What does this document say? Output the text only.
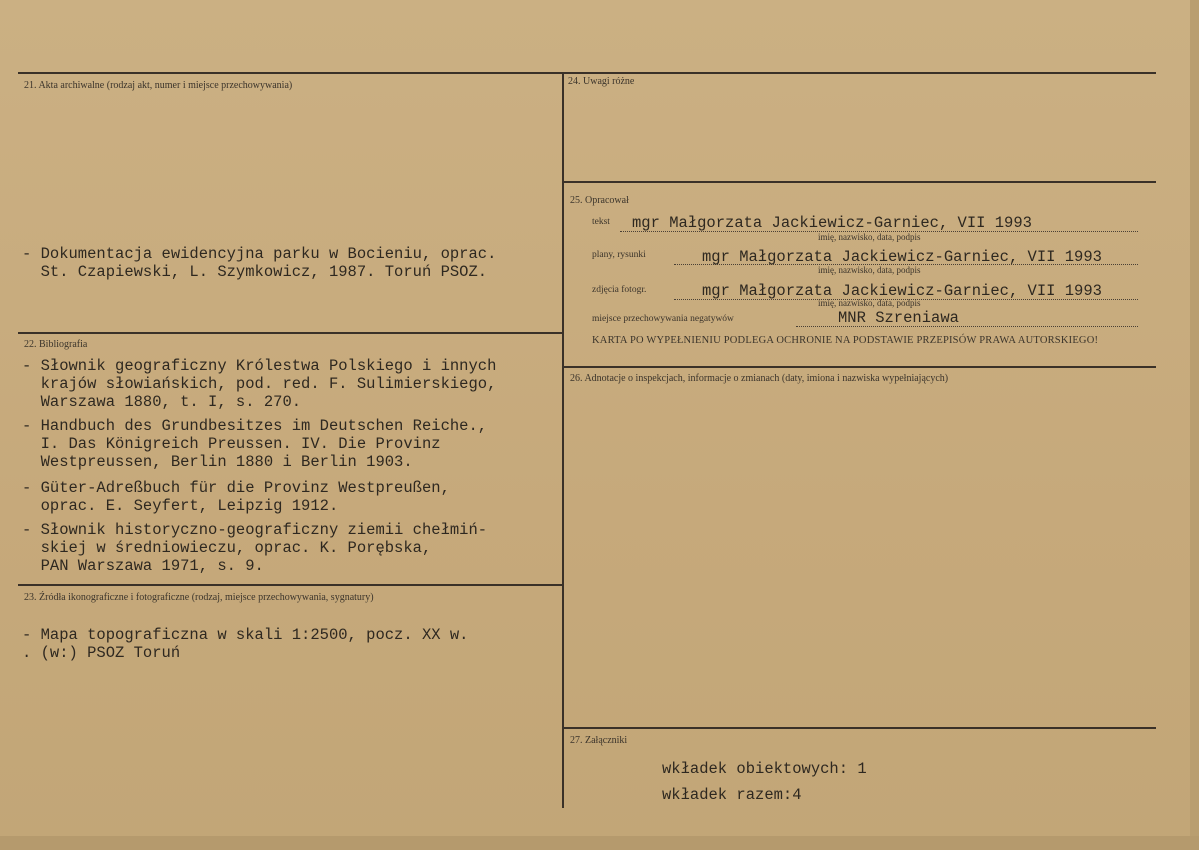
21. Akta archiwalne (rodzaj akt, numer i miejsce przechowywania)
- Dokumentacja ewidencyjna parku w Bocieniu, oprac.
St. Czapiewski, L. Szymkowicz, 1987. Toruń PSOZ.
22. Bibliografia
- Słownik geograficzny Królestwa Polskiego i innych
krajów słowiańskich, pod. red. F. Sulimierskiego,
Warszawa 1880, t. I, s. 270.
- Handbuch des Grundbesitzes im Deutschen Reiche.,
I. Das Königreich Preussen. IV. Die Provinz
Westpreussen, Berlin 1880 i Berlin 1903.
- Güter-Adreßbuch für die Provinz Westpreußen,
oprac. E. Seyfert, Leipzig 1912.
- Słownik historyczno-geograficzny ziemii chełmiń-
skiej w średniowieczu, oprac. K. Porębska,
PAN Warszawa 1971, s. 9.
23. Źródła ikonograficzne i fotograficzne (rodzaj, miejsce przechowywania, sygnatury)
- Mapa topograficzna w skali 1:2500, pocz. XX w.
. (w:) PSOZ Toruń
24. Uwagi różne
25. Opracował
tekst mgr Małgorzata Jackiewicz-Garniec, VII 1993
imię, nazwisko, data, podpis
plany, rysunki	mgr Małgorzata Jackiewicz-Garniec, VII 1993
imię, nazwisko, data, podpis
zdjęcia fotogr.	mgr Małgorzata Jackiewicz-Garniec, VII 1993
imię, nazwisko, data, podpis
miejsce przechowywania negatywów	MNR Szreniawa
KARTA PO WYPEŁNIENIU PODLEGA OCHRONIE NA PODSTAWIE PRZEPISÓW PRAWA AUTORSKIEGO!
26. Adnotacje o inspekcjach, informacje o zmianach (daty, imiona i nazwiska wypełniających)
27. Załączniki
wkładek obiektowych: 1
wkładek razem:4
